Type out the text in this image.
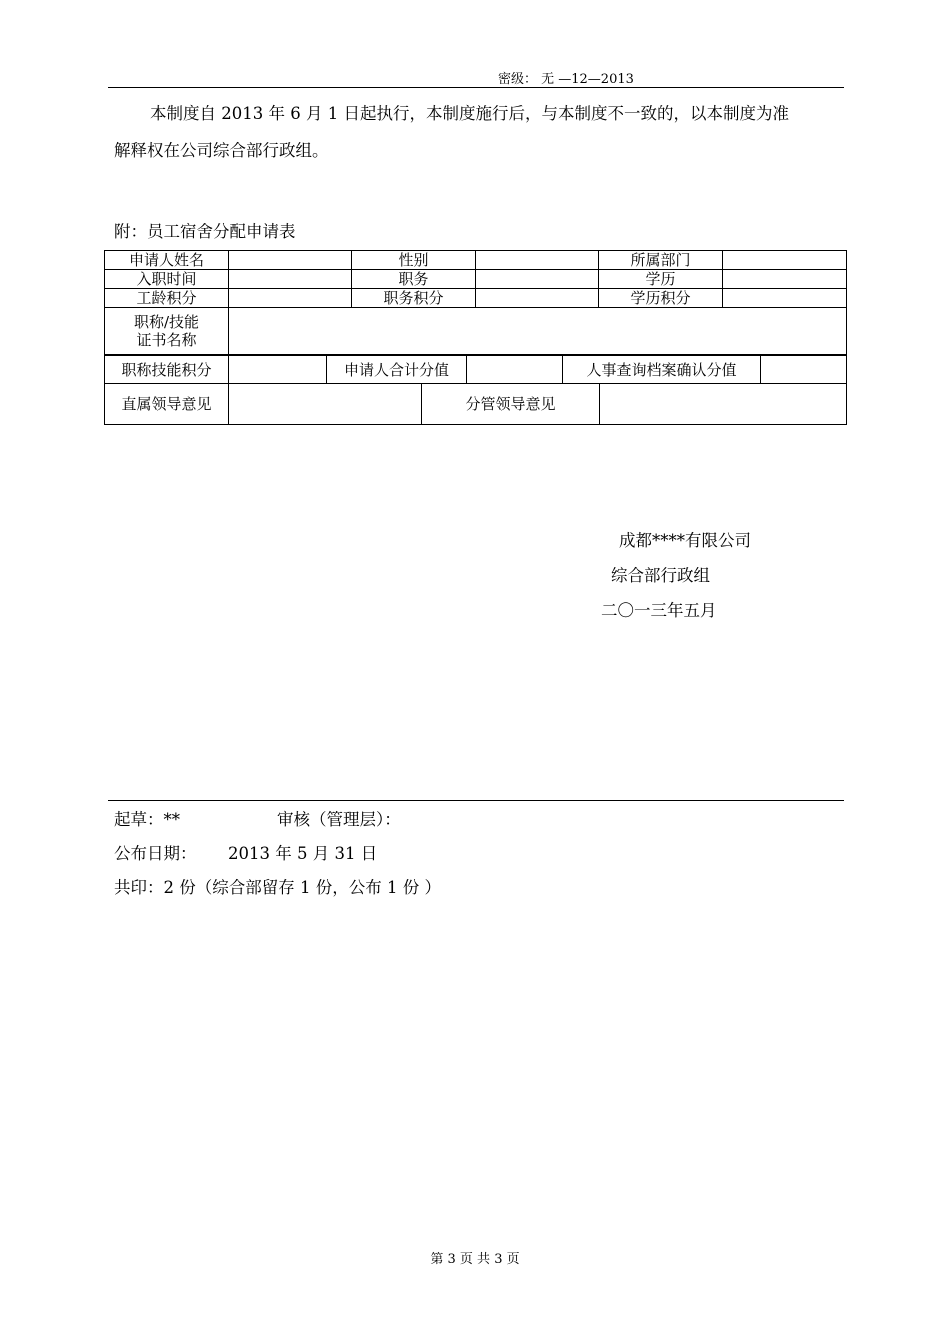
密级： 无 —12—2013
本制度自 2013 年 6 月 1 日起执行，本制度施行后，与本制度不一致的，以本制度为准
解释权在公司综合部行政组。
附：员工宿舍分配申请表
申请人姓名		性别		所属部门	
入职时间		职务		学历	
工龄积分		职务积分		学历积分	

职称/技能
证书名称					

职称技能积分		申请人合计分值		人事查询档案确认分值	
直属领导意见		分管领导意见	
成都****有限公司
综合部行政组
二〇一三年五月
起草：**	审核（管理层）：
公布日期： 2013 年 5 月 31 日
共印：2 份（综合部留存 1 份，公布 1 份 ）
第 3 页 共 3 页
